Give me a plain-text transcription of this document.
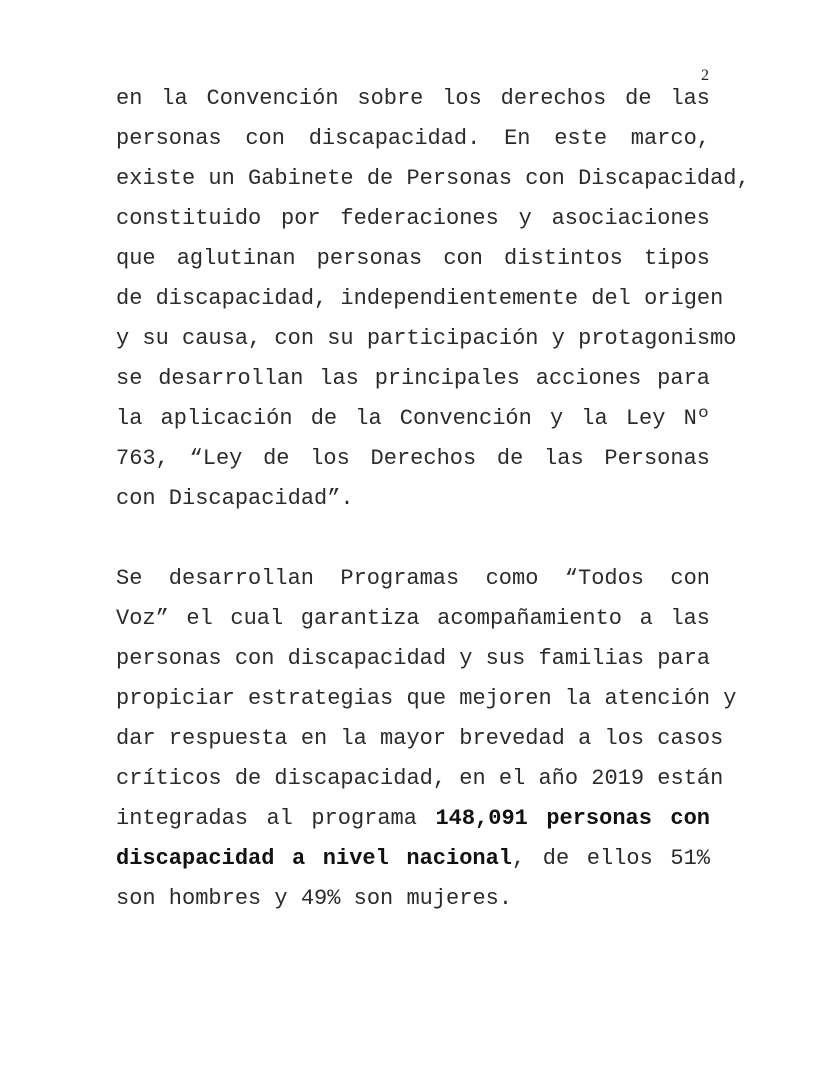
2
en la Convención sobre los derechos de las
personas con discapacidad. En este marco,
existe un Gabinete de Personas con Discapacidad,
constituido por federaciones y asociaciones
que aglutinan personas con distintos tipos
de discapacidad, independientemente del origen
y su causa, con su participación y protagonismo
se desarrollan las principales acciones para
la aplicación de la Convención y la Ley Nº
763, “Ley de los Derechos de las Personas
con Discapacidad”.
Se desarrollan Programas como “Todos con
Voz” el cual garantiza acompañamiento a las
personas con discapacidad y sus familias para
propiciar estrategias que mejoren la atención y
dar respuesta en la mayor brevedad a los casos
críticos de discapacidad, en el año 2019 están
integradas al programa 148,091 personas con
discapacidad a nivel nacional, de ellos 51%
son hombres y 49% son mujeres.
